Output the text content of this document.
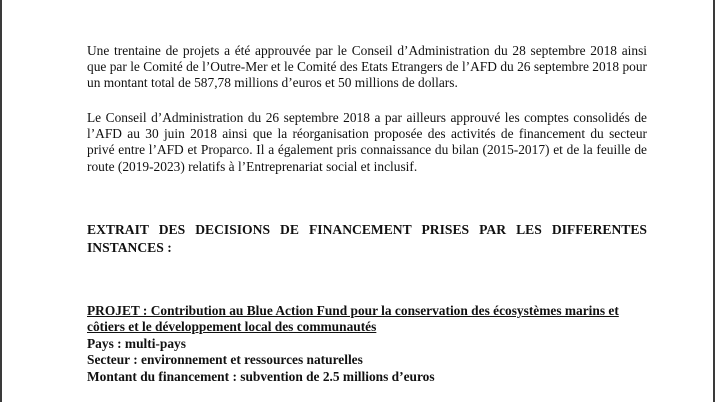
Une trentaine de projets a été approuvée par le Conseil d’Administration du 28 septembre 2018 ainsi que par le Comité de l’Outre-Mer et le Comité des Etats Etrangers de l’AFD du 26 septembre 2018 pour un montant total de 587,78 millions d’euros et 50 millions de dollars.
Le Conseil d’Administration du 26 septembre 2018 a par ailleurs approuvé les comptes consolidés de l’AFD au 30 juin 2018 ainsi que la réorganisation proposée des activités de financement du secteur privé entre l’AFD et Proparco. Il a également pris connaissance du bilan (2015-2017) et de la feuille de route (2019-2023) relatifs à l’Entreprenariat social et inclusif.
EXTRAIT DES DECISIONS DE FINANCEMENT PRISES PAR LES DIFFERENTES INSTANCES :
PROJET : Contribution au Blue Action Fund pour la conservation des écosystèmes marins et côtiers et le développement local des communautés
Pays : multi-pays
Secteur : environnement et ressources naturelles
Montant du financement : subvention de 2.5 millions d’euros
